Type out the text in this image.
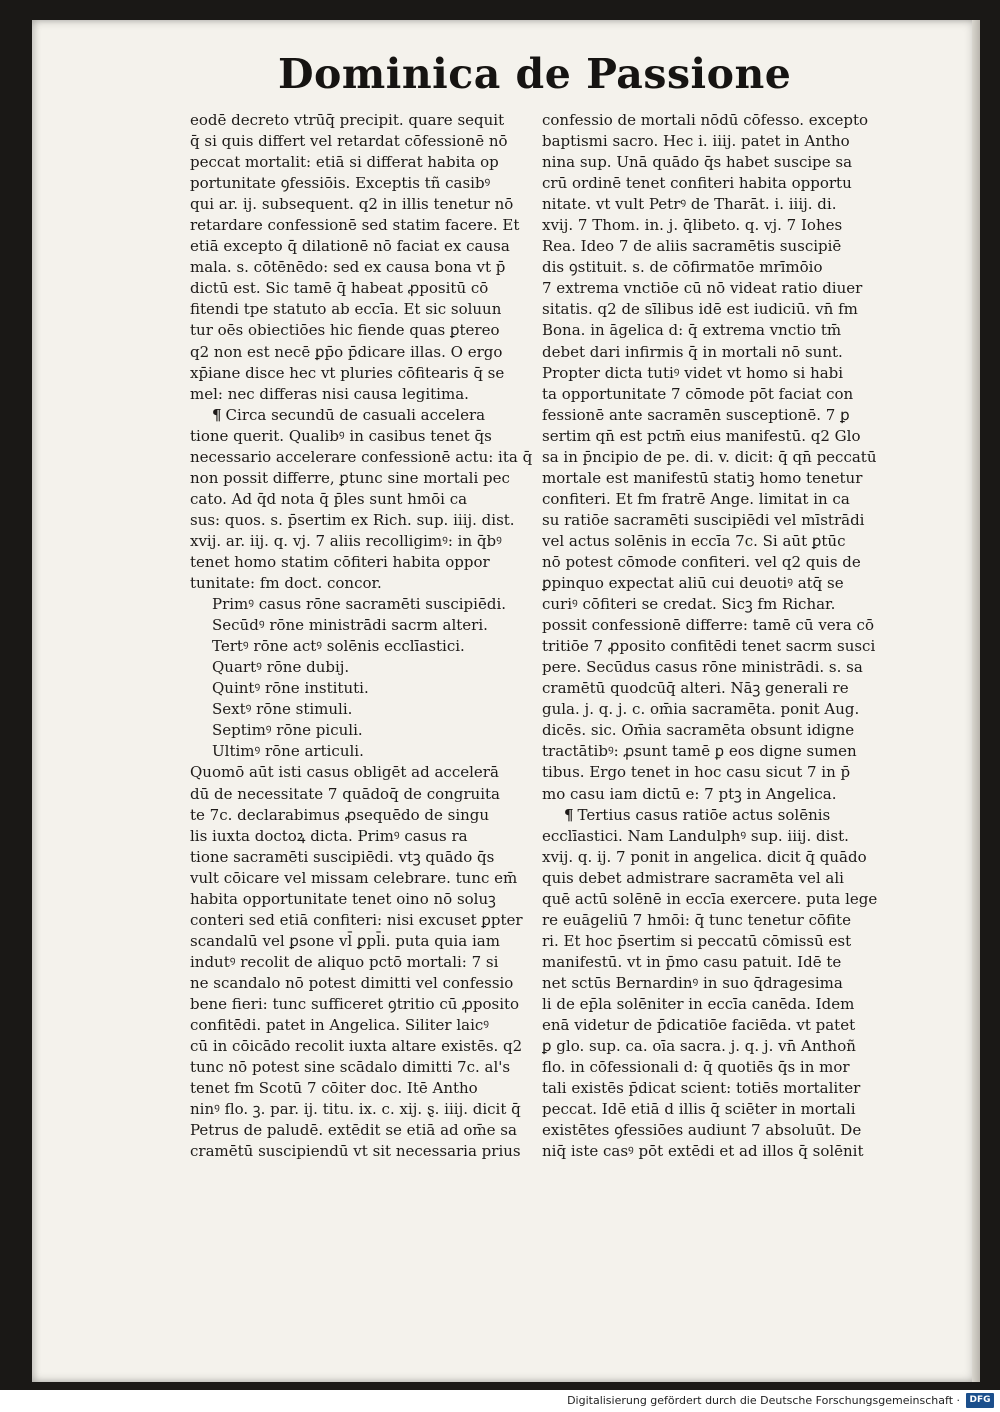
Dominica de Passione
eodē decreto vtrūq̄ precipit. quare sequit
q̄ si quis differt vel retardat cōfessionē nō
peccat mortalit: etiā si differat habita op
portunitate ꝯfessiōis. Exceptis tñ casibꝰ
qui ar. ij. subsequent. q2 in illis tenetur nō
retardare confessionē sed statim facere. Et
etiā excepto q̄ dilationē nō faciat ex causa
mala. s. cōtēnēdo: sed ex causa bona vt p̄
dictū est. Sic tamē q̄ habeat ꝓpositū cō
fitendi tpe statuto ab eccīa. Et sic soluun
tur oēs obiectiōes hic fiende quas ꝑtereo
q2 non est necē ꝑp̄o p̄dicare illas. O ergo
xp̄iane disce hec vt pluries cōfitearis q̄ se
mel: nec differas nisi causa legitima.
¶ Circa secundū de casuali accelera
tione querit. Qualibꝰ in casibus tenet q̄s
necessario accelerare confessionē actu: ita q̄
non possit differre, ꝑtunc sine mortali pec
cato. Ad q̄d nota q̄ p̄les sunt hmōi ca
sus: quos. s. p̄sertim ex Rich. sup. iiij. dist.
xvij. ar. iij. q. vj. 7 aliis recolligimꝰ: in q̄bꝰ
tenet homo statim cōfiteri habita oppor
tunitate: fm doct. concor.
Primꝰ casus rōne sacramēti suscipiēdi.
Secūdꝰ rōne ministrādi sacrm alteri.
Tertꝰ rōne actꝰ solēnis ecclīastici.
Quartꝰ rōne dubij.
Quintꝰ rōne instituti.
Sextꝰ rōne stimuli.
Septimꝰ rōne piculi.
Ultimꝰ rōne articuli.
Quomō aūt isti casus obligēt ad accelerā
dū de necessitate 7 quādoq̄ de congruita
te 7c. declarabimus ꝓsequēdo de singu
lis iuxta doctoꝝ dicta. Primꝰ casus ra
tione sacramēti suscipiēdi. vtꝫ quādo q̄s
vult cōicare vel missam celebrare. tunc em̄
habita opportunitate tenet oino nō soluꝫ
conteri sed etiā confiteri: nisi excuset ꝑpter
scandalū vel ꝑsone vl̄ ꝑpl̄i. puta quia iam
indutꝰ recolit de aliquo pctō mortali: 7 si
ne scandalo nō potest dimitti vel confessio
bene fieri: tunc sufficeret ꝯtritio cū ꝓposito
confitēdi. patet in Angelica. Siliter laicꝰ
cū in cōicādo recolit iuxta altare existēs. q2
tunc nō potest sine scādalo dimitti 7c. al's
tenet fm Scotū 7 cōiter doc. Itē Antho
ninꝰ flo. ꝫ. par. ij. titu. ix. c. xij. ȿ. iiij. dicit q̄
Petrus de paludē. extēdit se etiā ad om̄e sa
cramētū suscipiendū vt sit necessaria prius
confessio de mortali nōdū cōfesso. excepto
baptismi sacro. Hec i. iiij. patet in Antho
nina sup. Unā quādo q̄s habet suscipe sa
crū ordinē tenet confiteri habita opportu
nitate. vt vult Petrꝰ de Tharāt. i. iiij. di.
xvij. 7 Thom. in. j. q̄libeto. q. vj. 7 Iohes
Rea. Ideo 7 de aliis sacramētis suscipiē
dis ꝯstituit. s. de cōfirmatōe mrīmōio
7 extrema vnctiōe cū nō videat ratio diuer
sitatis. q2 de sīlibus idē est iudiciū. vn̄ fm
Bona. in āgelica d: q̄ extrema vnctio tm̄
debet dari infirmis q̄ in mortali nō sunt.
Propter dicta tutiꝰ videt vt homo si habi
ta opportunitate 7 cōmode pōt faciat con
fessionē ante sacramēn susceptionē. 7 ꝑ
sertim qn̄ est pctm̄ eius manifestū. q2 Glo
sa in p̄ncipio de pe. di. v. dicit: q̄ qn̄ peccatū
mortale est manifestū statiꝫ homo tenetur
confiteri. Et fm fratrē Ange. limitat in ca
su ratiōe sacramēti suscipiēdi vel mīstrādi
vel actus solēnis in eccīa 7c. Si aūt ꝑtūc
nō potest cōmode confiteri. vel q2 quis de
ꝑpinquo expectat aliū cui deuotiꝰ atq̄ se
curiꝰ cōfiteri se credat. Sicꝫ fm Richar.
possit confessionē differre: tamē cū vera cō
tritiōe 7 ꝓposito confitēdi tenet sacrm susci
pere. Secūdus casus rōne ministrādi. s. sa
cramētū quodcūq̄ alteri. Nāꝫ generali re
gula. j. q. j. c. om̄ia sacramēta. ponit Aug.
dicēs. sic. Om̄ia sacramēta obsunt idigne
tractātibꝰ: ꝓsunt tamē ꝑ eos digne sumen
tibus. Ergo tenet in hoc casu sicut 7 in p̄
mo casu iam dictū e: 7 ptꝫ in Angelica.
¶ Tertius casus ratiōe actus solēnis
ecclīastici. Nam Landulphꝰ sup. iiij. dist.
xvij. q. ij. 7 ponit in angelica. dicit q̄ quādo
quis debet admistrare sacramēta vel ali
quē actū solēnē in eccīa exercere. puta lege
re euāgeliū 7 hmōi: q̄ tunc tenetur cōfite
ri. Et hoc p̄sertim si peccatū cōmissū est
manifestū. vt in p̄mo casu patuit. Idē te
net sctūs Bernardinꝰ in suo q̄dragesima
li de ep̄la solēniter in eccīa canēda. Idem
enā videtur de p̄dicatiōe faciēda. vt patet
ꝑ glo. sup. ca. oīa sacra. j. q. j. vn̄ Anthoñ
flo. in cōfessionali d: q̄ quotiēs q̄s in mor
tali existēs p̄dicat scient: totiēs mortaliter
peccat. Idē etiā d illis q̄ sciēter in mortali
existētes ꝯfessiōes audiunt 7 absoluūt. De
niq̄ iste casꝰ pōt extēdi et ad illos q̄ solēnit
Digitalisierung gefördert durch die Deutsche Forschungsgemeinschaft ·	DFG
